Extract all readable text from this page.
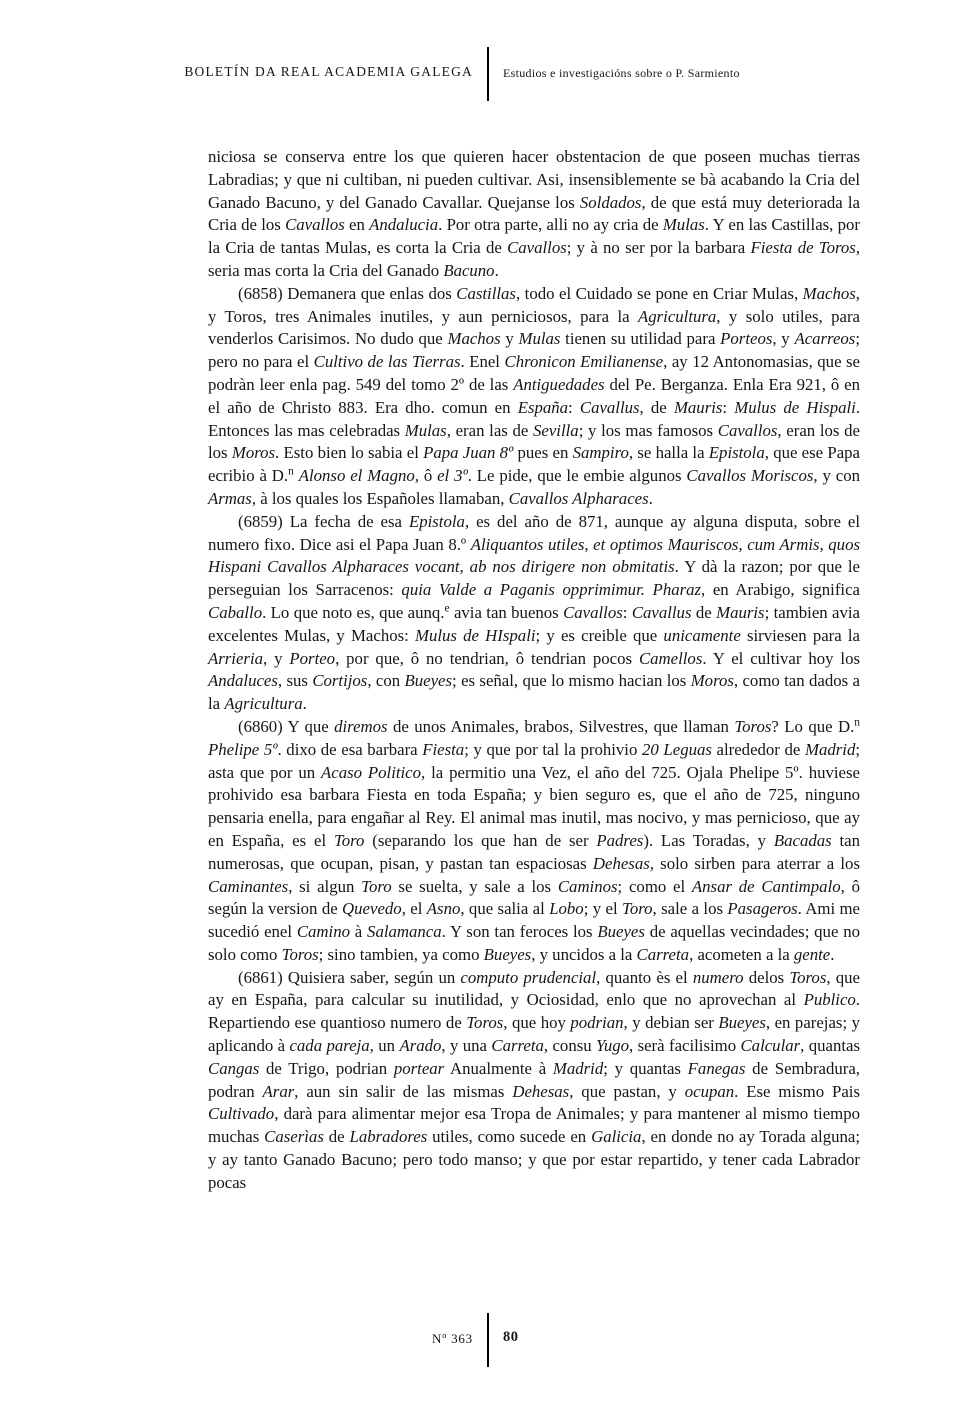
BOLETÍN DA REAL ACADEMIA GALEGA	Estudios e investigacións sobre o P. Sarmiento

niciosa se conserva entre los que quieren hacer obstentacion de que poseen muchas tierras Labradias; y que ni cultiban, ni pueden cultivar. Asi, insensiblemente se bà acabando la Cria del Ganado Bacuno, y del Ganado Cavallar. Quejanse los Soldados, de que está muy deteriorada la Cria de los Cavallos en Andalucia. Por otra parte, alli no ay cria de Mulas. Y en las Castillas, por la Cria de tantas Mulas, es corta la Cria de Cavallos; y à no ser por la barbara Fiesta de Toros, seria mas corta la Cria del Ganado Bacuno.

(6858) Demanera que enlas dos Castillas, todo el Cuidado se pone en Criar Mulas, Machos, y Toros, tres Animales inutiles, y aun perniciosos, para la Agricultura, y solo utiles, para venderlos Carisimos. No dudo que Machos y Mulas tienen su utilidad para Porteos, y Acarreos; pero no para el Cultivo de las Tierras. Enel Chronicon Emilianense, ay 12 Antonomasias, que se podràn leer enla pag. 549 del tomo 2º de las Antiguedades del Pe. Berganza. Enla Era 921, ô en el año de Christo 883. Era dho. comun en España: Cavallus, de Mauris: Mulus de Hispali. Entonces las mas celebradas Mulas, eran las de Sevilla; y los mas famosos Cavallos, eran los de los Moros. Esto bien lo sabia el Papa Juan 8º pues en Sampiro, se halla la Epistola, que ese Papa ecribio à D.$^n$ Alonso el Magno, ô el 3º. Le pide, que le embie algunos Cavallos Moriscos, y con Armas, à los quales los Españoles llamaban, Cavallos Alpharaces.

(6859) La fecha de esa Epistola, es del año de 871, aunque ay alguna disputa, sobre el numero fixo. Dice asi el Papa Juan 8.º Aliquantos utiles, et optimos Mauriscos, cum Armis, quos Hispani Cavallos Alpharaces vocant, ab nos dirigere non obmitatis. Y dà la razon; por que le perseguian los Sarracenos: quia Valde a Paganis opprimimur. Pharaz, en Arabigo, significa Caballo. Lo que noto es, que aunq.$^e$ avia tan buenos Cavallos: Cavallus de Mauris; tambien avia excelentes Mulas, y Machos: Mulus de HIspali; y es creible que unicamente sirviesen para la Arrieria, y Porteo, por que, ô no tendrian, ô tendrian pocos Camellos. Y el cultivar hoy los Andaluces, sus Cortijos, con Bueyes; es señal, que lo mismo hacian los Moros, como tan dados a la Agricultura.

(6860) Y que diremos de unos Animales, brabos, Silvestres, que llaman Toros? Lo que D.$^n$ Phelipe 5º. dixo de esa barbara Fiesta; y que por tal la prohivio 20 Leguas alrededor de Madrid; asta que por un Acaso Politico, la permitio una Vez, el año del 725. Ojala Phelipe 5º. huviese prohivido esa barbara Fiesta en toda España; y bien seguro es, que el año de 725, ninguno pensaria enella, para engañar al Rey. El animal mas inutil, mas nocivo, y mas pernicioso, que ay en España, es el Toro (separando los que han de ser Padres). Las Toradas, y Bacadas tan numerosas, que ocupan, pisan, y pastan tan espaciosas Dehesas, solo sirben para aterrar a los Caminantes, si algun Toro se suelta, y sale a los Caminos; como el Ansar de Cantimpalo, ô según la version de Quevedo, el Asno, que salia al Lobo; y el Toro, sale a los Pasageros. Ami me sucedió enel Camino à Salamanca. Y son tan feroces los Bueyes de aquellas vecindades; que no solo como Toros; sino tambien, ya como Bueyes, y uncidos a la Carreta, acometen a la gente.

(6861) Quisiera saber, según un computo prudencial, quanto ès el numero delos Toros, que ay en España, para calcular su inutilidad, y Ociosidad, enlo que no aprovechan al Publico. Repartiendo ese quantioso numero de Toros, que hoy podrian, y debian ser Bueyes, en parejas; y aplicando à cada pareja, un Arado, y una Carreta, consu Yugo, serà facilisimo Calcular, quantas Cangas de Trigo, podrian portear Anualmente à Madrid; y quantas Fanegas de Sembradura, podran Arar, aun sin salir de las mismas Dehesas, que pastan, y ocupan. Ese mismo Pais Cultivado, darà para alimentar mejor esa Tropa de Animales; y para mantener al mismo tiempo muchas Caserìas de Labradores utiles, como sucede en Galicia, en donde no ay Torada alguna; y ay tanto Ganado Bacuno; pero todo manso; y que por estar repartido, y tener cada Labrador pocas

Nº 363 80
